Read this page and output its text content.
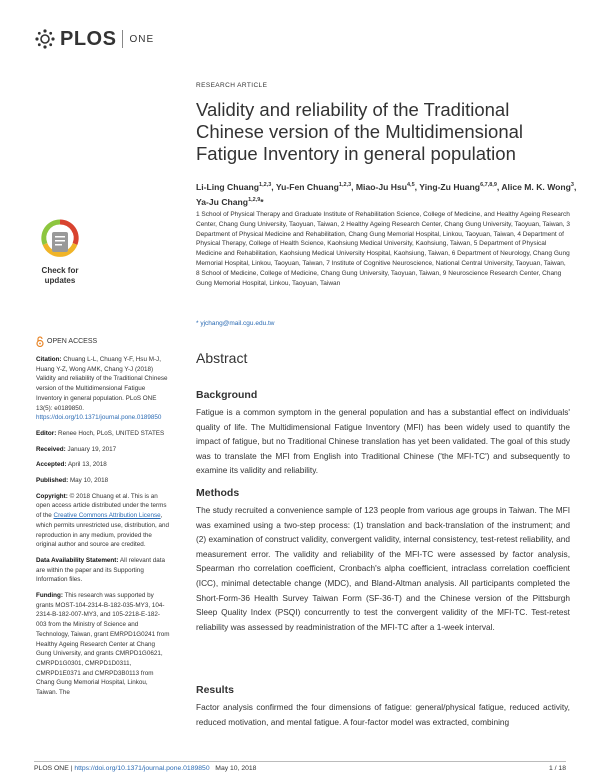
PLOS ONE
Check for
updates
OPEN ACCESS

Citation: Chuang L-L, Chuang Y-F, Hsu M-J, Huang Y-Z, Wong AMK, Chang Y-J (2018) Validity and reliability of the Traditional Chinese version of the Multidimensional Fatigue Inventory in general population. PLoS ONE 13(5): e0189850. https://doi.org/10.1371/journal.pone.0189850

Editor: Renee Hoch, PLoS, UNITED STATES

Received: January 19, 2017

Accepted: April 13, 2018

Published: May 10, 2018

Copyright: © 2018 Chuang et al. This is an open access article distributed under the terms of the Creative Commons Attribution License, which permits unrestricted use, distribution, and reproduction in any medium, provided the original author and source are credited.

Data Availability Statement: All relevant data are within the paper and its Supporting Information files.

Funding: This research was supported by grants MOST-104-2314-B-182-035-MY3, 104-2314-B-182-007-MY3, and 105-2218-E-182-003 from the Ministry of Science and Technology, Taiwan, grant EMRPD1G0241 from Healthy Ageing Research Center at Chang Gung University, and grants CMRPD1G0621, CMRPD1G0301, CMRPD1D0311, CMRPD1E0371 and CMRPD3B0113 from Chang Gung Memorial Hospital, Linkou, Taiwan. The

RESEARCH ARTICLE
Validity and reliability of the Traditional Chinese version of the Multidimensional Fatigue Inventory in general population
Li-Ling Chuang$^{1,2,3}$, Yu-Fen Chuang$^{1,2,3}$, Miao-Ju Hsu$^{4,5}$, Ying-Zu Huang$^{6,7,8,9}$, Alice M. K. Wong$^3$, Ya-Ju Chang$^{1,2,9}$*
1 School of Physical Therapy and Graduate Institute of Rehabilitation Science, College of Medicine, and Healthy Ageing Research Center, Chang Gung University, Taoyuan, Taiwan, 2 Healthy Ageing Research Center, Chang Gung University, Taoyuan, Taiwan, 3 Department of Physical Medicine and Rehabilitation, Chang Gung Memorial Hospital, Linkou, Taoyuan, Taiwan, 4 Department of Physical Therapy, College of Health Science, Kaohsiung Medical University, Kaohsiung, Taiwan, 5 Department of Physical Medicine and Rehabilitation, Kaohsiung Medical University Hospital, Kaohsiung, Taiwan, 6 Department of Neurology, Chang Gung Memorial Hospital, Linkou, Taoyuan, Taiwan, 7 Institute of Cognitive Neuroscience, National Central University, Taoyuan, Taiwan, 8 School of Medicine, College of Medicine, Chang Gung University, Taoyuan, Taiwan, 9 Neuroscience Research Center, Chang Gung Memorial Hospital, Linkou, Taoyuan, Taiwan
* yjchang@mail.cgu.edu.tw
Abstract
Background

Fatigue is a common symptom in the general population and has a substantial effect on individuals' quality of life. The Multidimensional Fatigue Inventory (MFI) has been widely used to quantify the impact of fatigue, but no Traditional Chinese translation has yet been validated. The goal of this study was to translate the MFI from English into Traditional Chinese ('the MFI-TC') and subsequently to examine its validity and reliability.

Methods

The study recruited a convenience sample of 123 people from various age groups in Taiwan. The MFI was examined using a two-step process: (1) translation and back-translation of the instrument; and (2) examination of construct validity, convergent validity, internal consistency, test-retest reliability, and measurement error. The validity and reliability of the MFI-TC were assessed by factor analysis, Spearman rho correlation coefficient, Cronbach's alpha coefficient, intraclass correlation coefficient (ICC), minimal detectable change (MDC), and Bland-Altman analysis. All participants completed the Short-Form-36 Health Survey Taiwan Form (SF-36-T) and the Chinese version of the Pittsburgh Sleep Quality Index (PSQI) concurrently to test the convergent validity of the MFI-TC. Test-retest reliability was assessed by readministration of the MFI-TC after a 1-week interval.

Results

Factor analysis confirmed the four dimensions of fatigue: general/physical fatigue, reduced activity, reduced motivation, and mental fatigue. A four-factor model was extracted, combining

PLOS ONE | https://doi.org/10.1371/journal.pone.0189850 May 10, 2018	1 / 18
